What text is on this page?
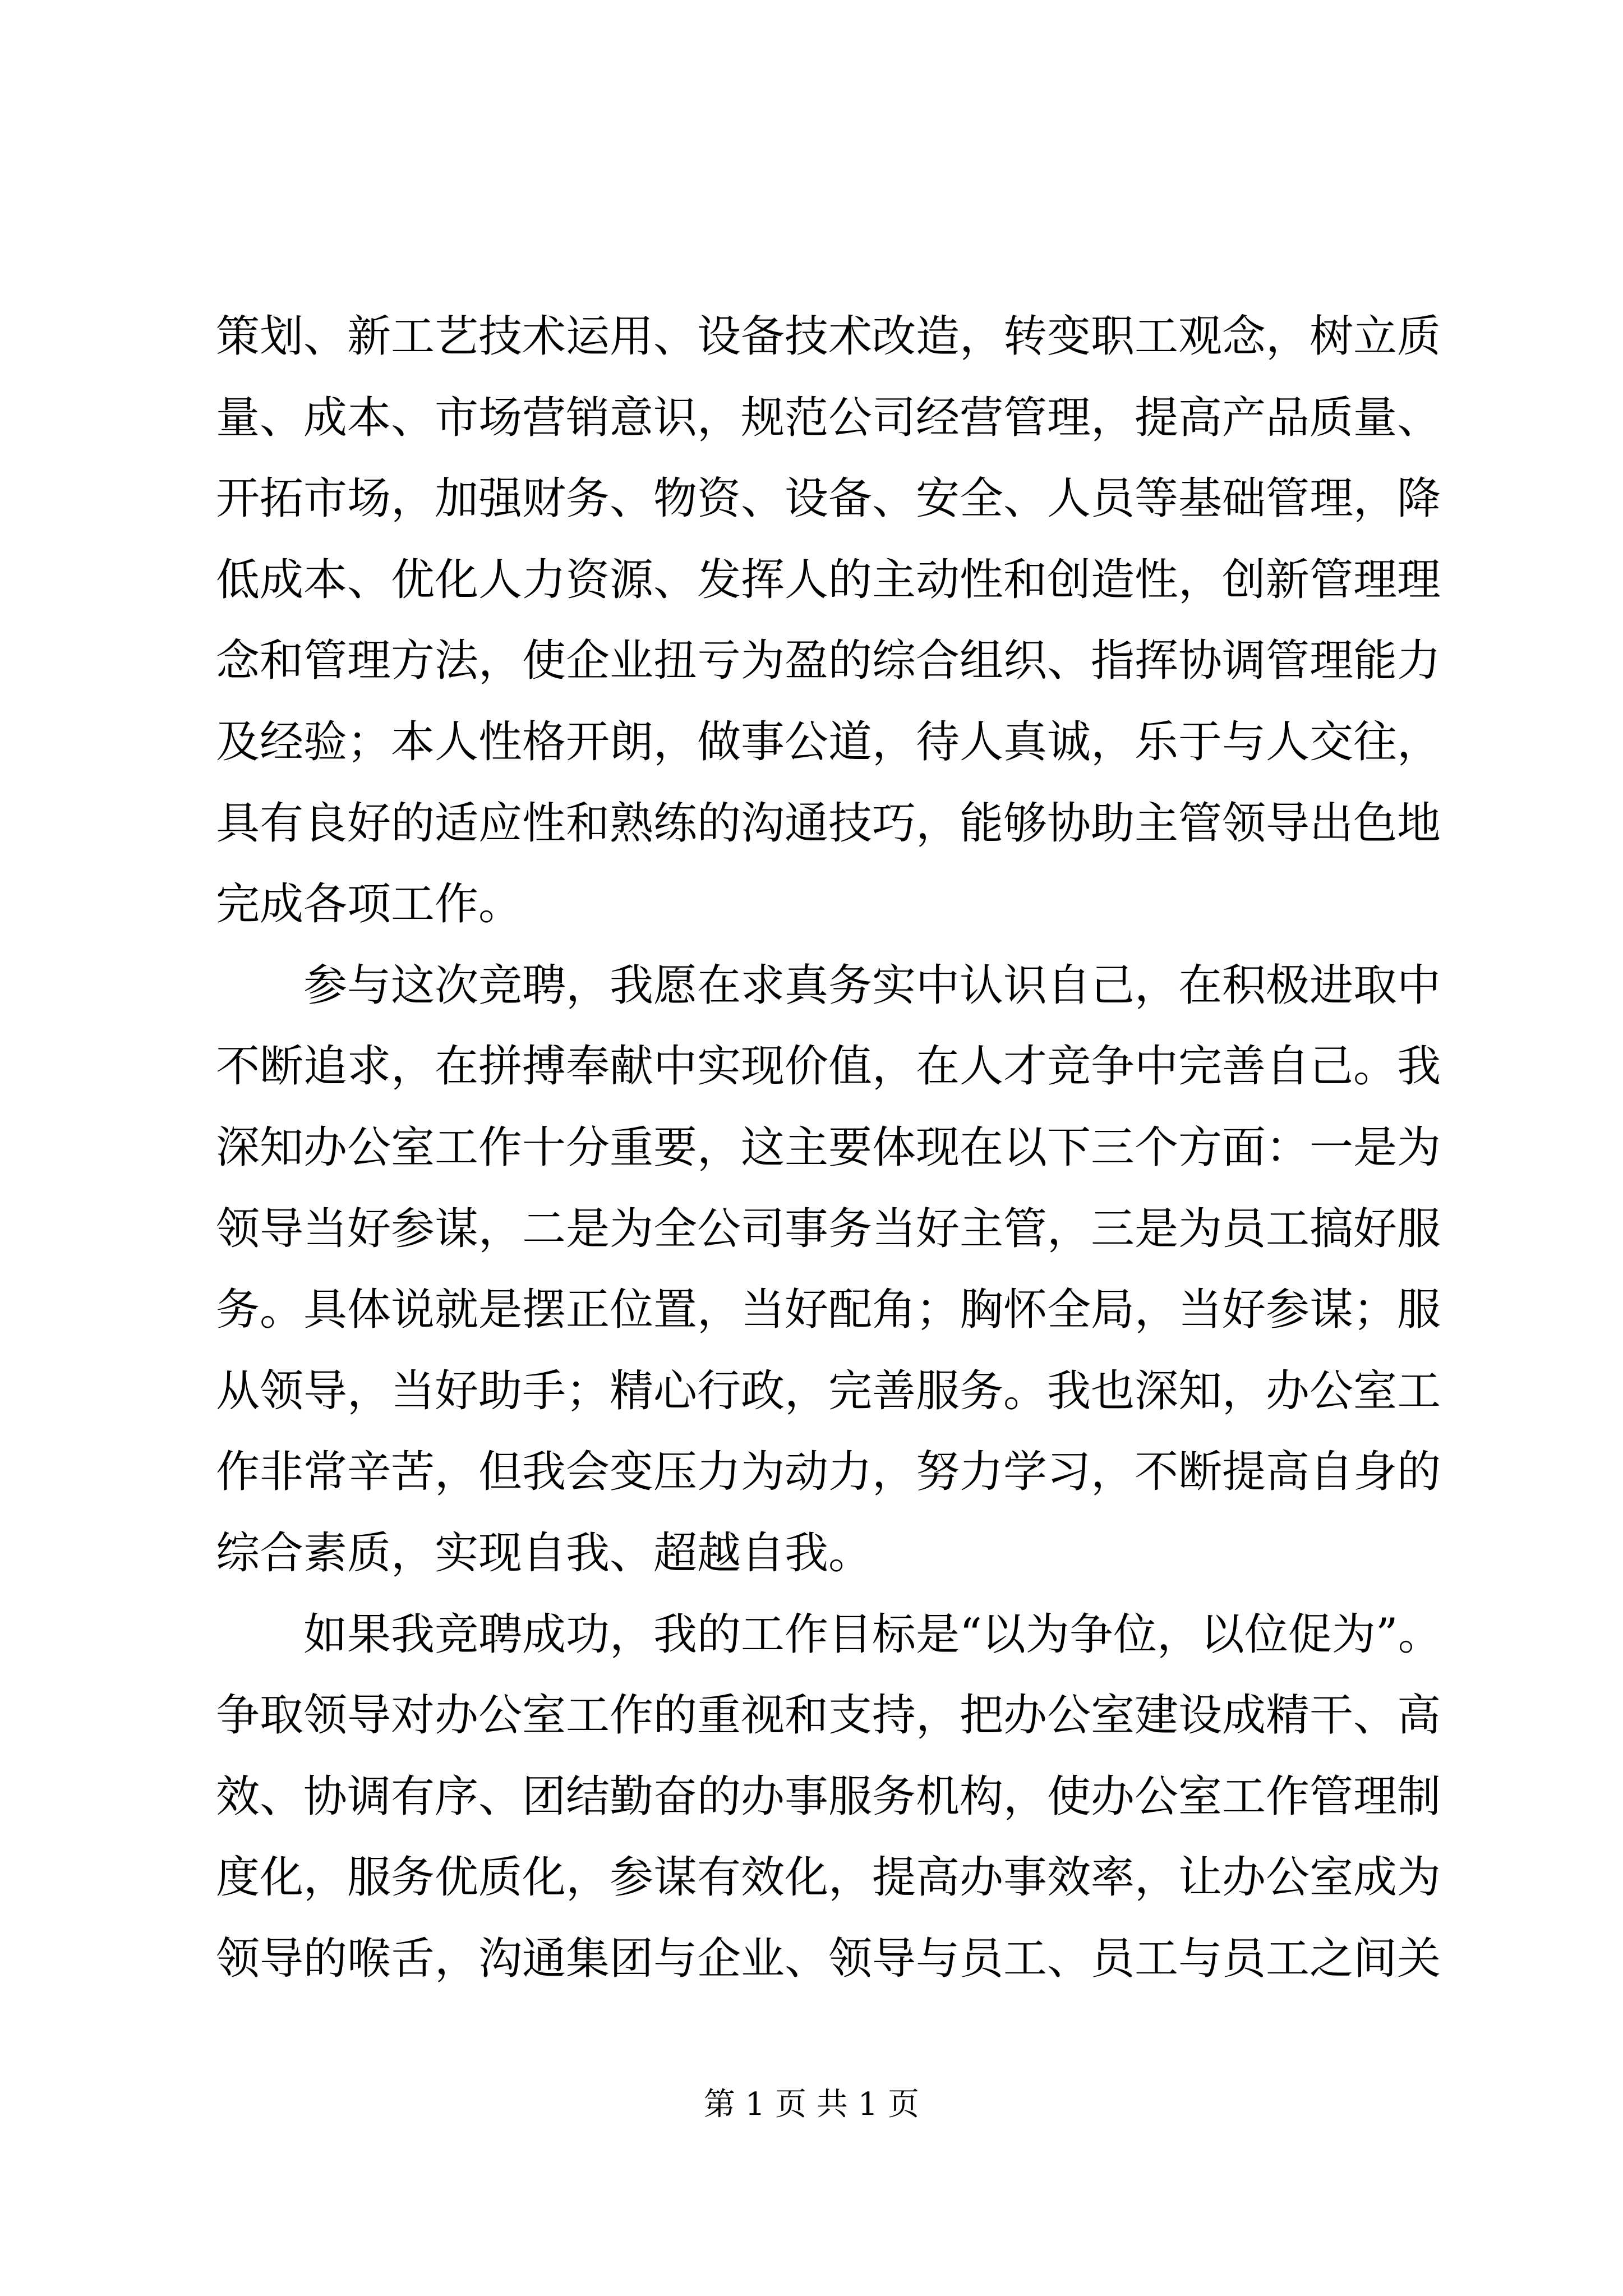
策划、新工艺技术运用、设备技术改造，转变职工观念，树立质
量、成本、市场营销意识，规范公司经营管理，提高产品质量、
开拓市场，加强财务、物资、设备、安全、人员等基础管理，降
低成本、优化人力资源、发挥人的主动性和创造性，创新管理理
念和管理方法，使企业扭亏为盈的综合组织、指挥协调管理能力
及经验；本人性格开朗，做事公道，待人真诚，乐于与人交往，
具有良好的适应性和熟练的沟通技巧，能够协助主管领导出色地
完成各项工作。
　　参与这次竞聘，我愿在求真务实中认识自己，在积极进取中
不断追求，在拼搏奉献中实现价值，在人才竞争中完善自己。我
深知办公室工作十分重要，这主要体现在以下三个方面：一是为
领导当好参谋，二是为全公司事务当好主管，三是为员工搞好服
务。具体说就是摆正位置，当好配角；胸怀全局，当好参谋；服
从领导，当好助手；精心行政，完善服务。我也深知，办公室工
作非常辛苦，但我会变压力为动力，努力学习，不断提高自身的
综合素质，实现自我、超越自我。
　　如果我竞聘成功，我的工作目标是“以为争位，以位促为”。
争取领导对办公室工作的重视和支持，把办公室建设成精干、高
效、协调有序、团结勤奋的办事服务机构，使办公室工作管理制
度化，服务优质化，参谋有效化，提高办事效率，让办公室成为
领导的喉舌，沟通集团与企业、领导与员工、员工与员工之间关
第 1 页 共 1 页
